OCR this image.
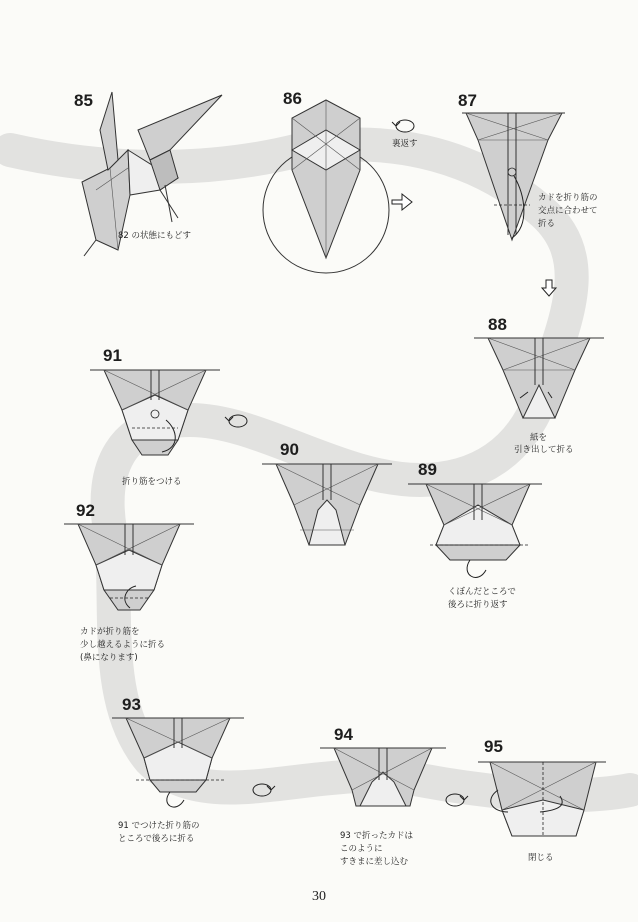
85
82 の状態にもどす
86
裏返す
87
カドを折り筋の
交点に合わせて
折る
88
紙を
引き出して折る
89
くぼんだところで
後ろに折り返す
90
91
折り筋をつける
92
カドが折り筋を
少し越えるように折る
(鼻になります)
93
91 でつけた折り筋の
ところで後ろに折る
94
93 で折ったカドは
このように
すきまに差し込む
95
閉じる
30
